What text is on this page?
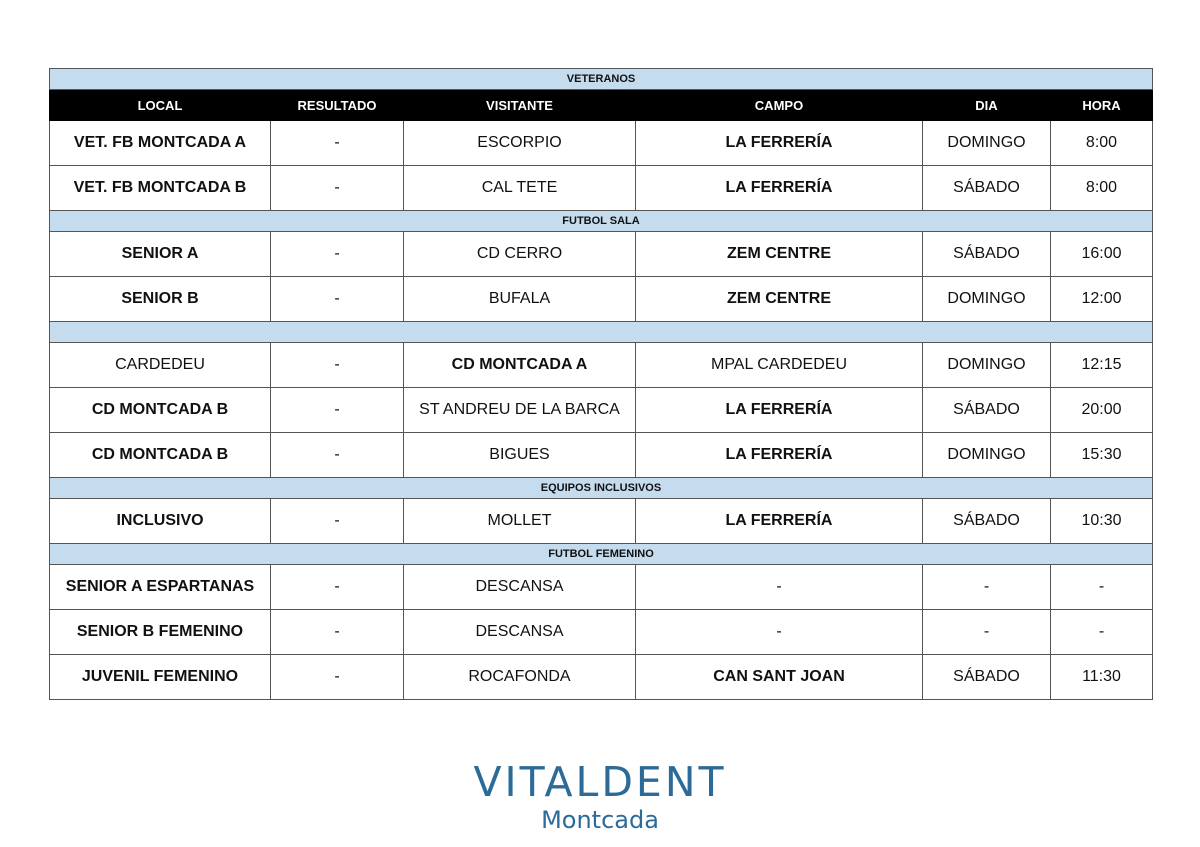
VETERANOS					
LOCAL	RESULTADO	VISITANTE	CAMPO	DIA	HORA
VET. FB MONTCADA A	-	ESCORPIO	LA FERRERÍA	DOMINGO	8:00
VET. FB MONTCADA B	-	CAL TETE	LA FERRERÍA	SÁBADO	8:00
FUTBOL SALA					
SENIOR A	-	CD CERRO	ZEM CENTRE	SÁBADO	16:00
SENIOR B	-	BUFALA	ZEM CENTRE	DOMINGO	12:00

CARDEDEU	-	CD MONTCADA A	MPAL CARDEDEU	DOMINGO	12:15
CD MONTCADA B	-	ST ANDREU DE LA BARCA	LA FERRERÍA	SÁBADO	20:00
CD MONTCADA B	-	BIGUES	LA FERRERÍA	DOMINGO	15:30
EQUIPOS INCLUSIVOS					
INCLUSIVO	-	MOLLET	LA FERRERÍA	SÁBADO	10:30
FUTBOL FEMENINO					
SENIOR A ESPARTANAS	-	DESCANSA	-	-	-
SENIOR B FEMENINO	-	DESCANSA	-	-	-
JUVENIL FEMENINO	-	ROCAFONDA	CAN SANT JOAN	SÁBADO	11:30
VITALDENT
Montcada
